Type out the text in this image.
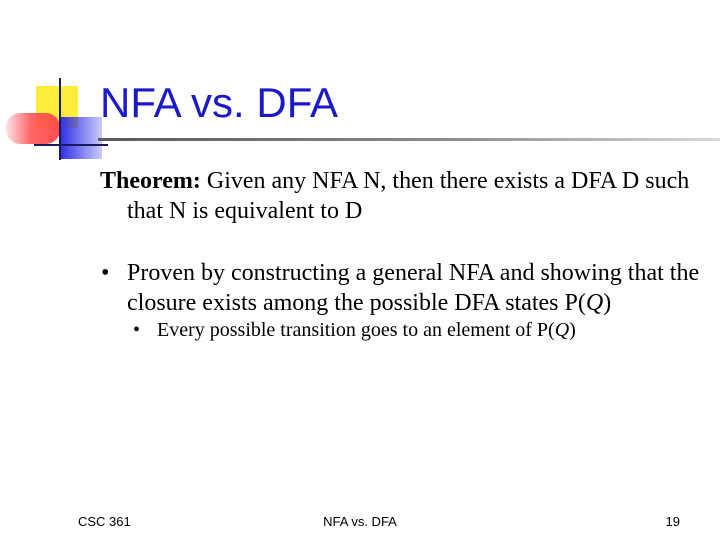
NFA vs. DFA

Theorem: Given any NFA N, then there exists a DFA D such that N is equivalent to D

• Proven by constructing a general NFA and showing that the closure exists among the possible DFA states P(Q)

• Every possible transition goes to an element of P(Q)

CSC 361	NFA vs. DFA	19
